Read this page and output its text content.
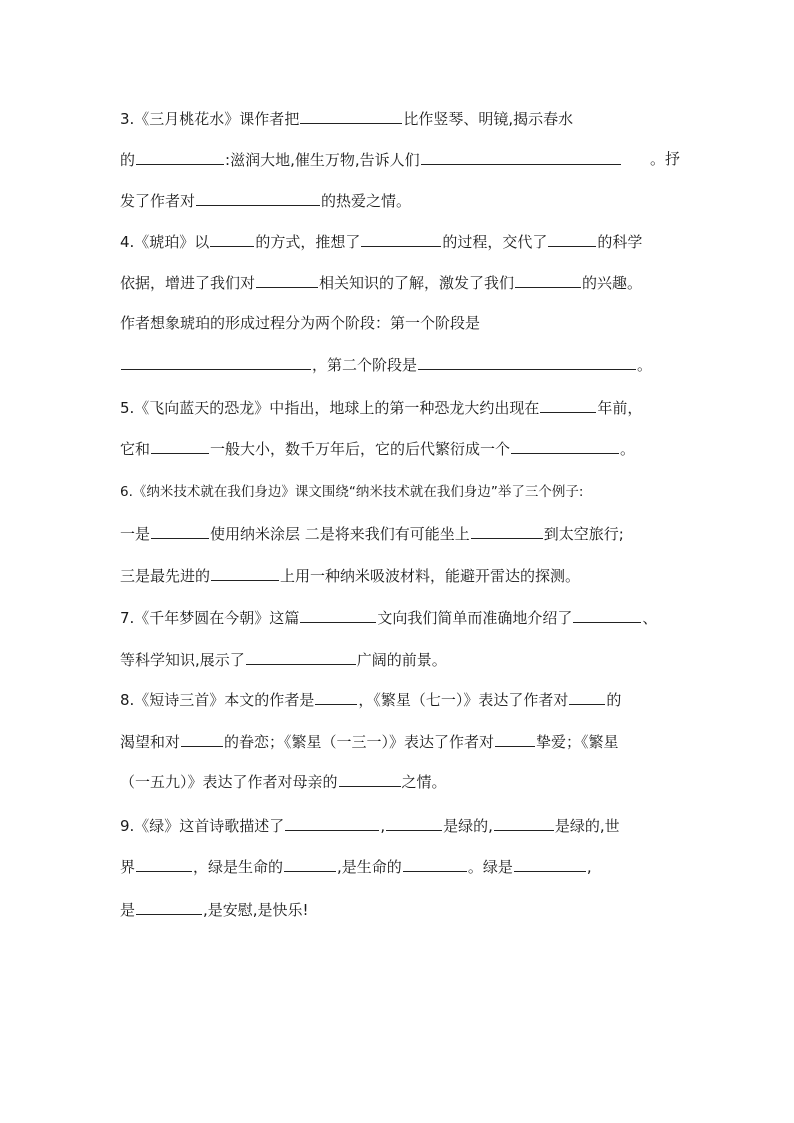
3.《三月桃花水》课作者把	比作竖琴、明镜,揭示春水
的	:滋润大地,催生万物,告诉人们	。抒
发了作者对	的热爱之情。
4.《琥珀》以	的方式，推想了	的过程，交代了	的科学
依据，增进了我们对	相关知识的了解，激发了我们	的兴趣。
作者想象琥珀的形成过程分为两个阶段：第一个阶段是
，第二个阶段是	。
5.《飞向蓝天的恐龙》中指出，地球上的第一种恐龙大约出现在	年前，
它和	一般大小，数千万年后，它的后代繁衍成一个	。
6.《纳米技术就在我们身边》课文围绕“纳米技术就在我们身边”举了三个例子:
一是	使用纳米涂层 二是将来我们有可能坐上	到太空旅行;
三是最先进的	上用一种纳米吸波材料，能避开雷达的探测。
7.《千年梦圆在今朝》这篇	文向我们简单而准确地介绍了	、
等科学知识,展示了	广阔的前景。
8.《短诗三首》本文的作者是	，《繁星（七一）》表达了作者对	的
渴望和对	的眷恋；《繁星（一三一）》表达了作者对	挚爱；《繁星
（一五九）》表达了作者对母亲的	之情。
9.《绿》这首诗歌描述了	,	是绿的,	是绿的,世
界	，绿是生命的	,是生命的	。绿是	,
是	,是安慰,是快乐!
